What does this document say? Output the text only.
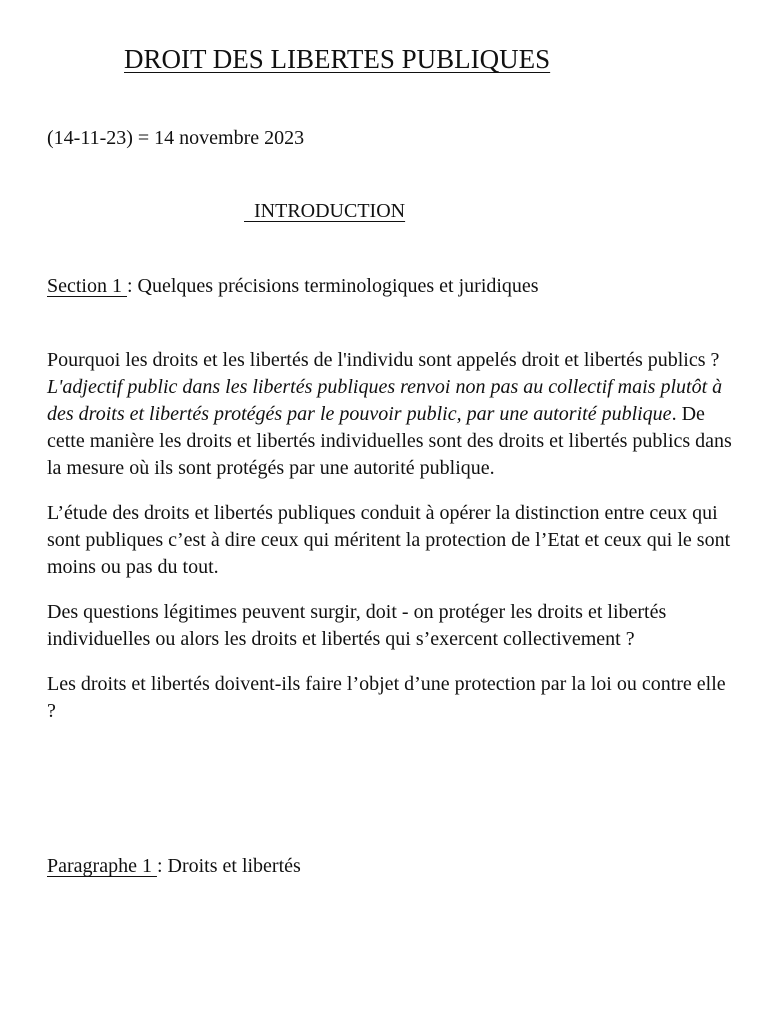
DROIT DES LIBERTES PUBLIQUES
(14-11-23) = 14 novembre 2023
INTRODUCTION
Section 1 : Quelques précisions terminologiques et juridiques

Pourquoi les droits et les libertés de l'individu sont appelés droit et libertés publics ?
L'adjectif public dans les libertés publiques renvoi non pas au collectif mais plutôt à des droits et libertés protégés par le pouvoir public, par une autorité publique. De cette manière les droits et libertés individuelles sont des droits et libertés publics dans la mesure où ils sont protégés par une autorité publique.

L’étude des droits et libertés publiques conduit à opérer la distinction entre ceux qui sont publiques c’est à dire ceux qui méritent la protection de l’Etat et ceux qui le sont moins ou pas du tout.

Des questions légitimes peuvent surgir, doit - on protéger les droits et libertés individuelles ou alors les droits et libertés qui s’exercent collectivement ?

Les droits et libertés doivent-ils faire l’objet d’une protection par la loi ou contre elle ?

Paragraphe 1 : Droits et libertés
